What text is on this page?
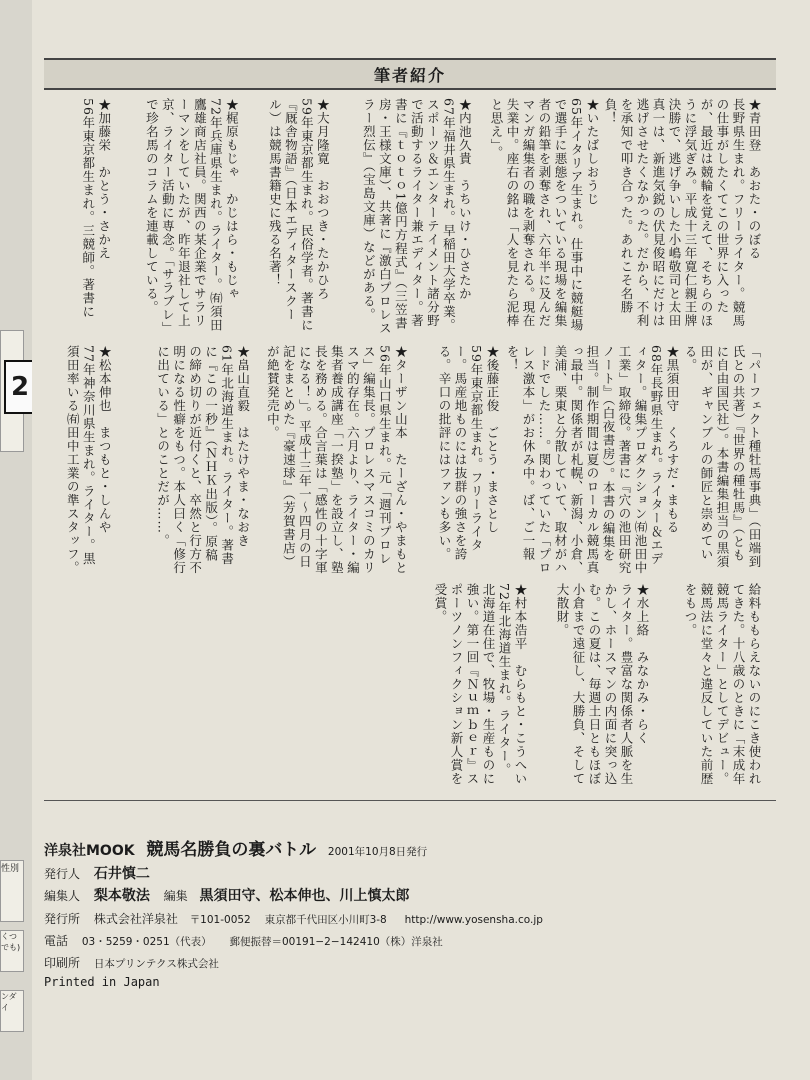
2
性別
くつでも)
ンダイ
筆者紹介
★青田登　あおた・のぼる
長野県生まれ。フリーライター。競馬の仕事がしたくてこの世界に入ったが、最近は競輪を覚えて、そちらのほうに浮気ぎみ。平成十三年寛仁親王牌決勝で、逃げ争いした小嶋敬司と太田真一は、新進気鋭の伏見俊昭にだけは逃げさせたくなかった。だから、不利を承知で叩き合った。あれこそ名勝負！
★いたばしおうじ
65年イタリア生まれ。仕事中に競艇場で選手に悪態をついている現場を編集者の鉛筆を剥奪され、六年半に及んだマンガ編集者の職を剥奪される。現在失業中。座右の銘は「人を見たら泥棒と思え」。
★内池久貴　うちいけ・ひさたか
67年福井県生まれ。早稲田大学卒業。スポーツ＆エンターテイメント諸分野で活動するライター兼エディター。著書に『ｔｏｔｏ1億円方程式』（三笠書房・王様文庫）、共著に『激白プロレスラー烈伝』（宝島文庫）などがある。
★大月隆寛　おおつき・たかひろ
59年東京都生まれ。民俗学者。著書に『厩舎物語』（日本エディタースクール）は競馬書籍史に残る名著！
★梶原もじゃ　かじはら・もじゃ
72年兵庫県生まれ。ライター。㈲須田鷹雄商店社員。関西の某企業でサラリーマンをしていたが、昨年退社して上京、ライター活動に専念。「サラブレ」で珍名馬のコラムを連載している。
★加藤栄　かとう・さかえ
56年東京都生まれ。三競師。著書に
「パーフェクト種牡馬事典」（田端到氏との共著）『世界の種牡馬』（ともに自由国民社）。本書編集担当の黒須田が、ギャンブルの師匠と崇めている。
★黒須田守　くろすだ・まもる
68年長野県生まれ。ライター＆エディター。編集プロダクション㈲池田中工業」取締役。著書に『穴の池田研究ノート』（白夜書房）。本書の編集を担当。制作期間は夏のローカル競馬真っ最中。関係者が札幌、新潟、小倉、美浦、栗東と分散していて、取材がハードでした……。関わっていた「プロレス激本」がお休み中。ば、ご一報を！
★後藤正俊　ごとう・まさとし
59年東京都生まれ。フリーライター。馬産地ものには抜群の強さを誇る。辛口の批評にはファンも多い。
★ターザン山本　たーざん・やまもと
56年山口県生まれ。元「週刊プロレス」編集長。プロレスマスコミのカリスマ的存在。六月より、ライター・編集者養成講座「一揆塾」を設立し、塾長を務める。合言葉は「感性の十字軍になる！」。平成十三年一〜四月の日記をまとめた『豪速球』（芳賀書店）が絶賛発売中。
★畠山直毅　はたけやま・なおき
61年北海道生まれ。ライター。著書に『この一秒』（ＮＨＫ出版）。原稿の締め切りが近付くと、卒然と行方不明になる性癖をもつ。本人曰く「修行に出ている」とのことだが……。
★松本伸也　まつもと・しんや
77年神奈川県生まれ。ライター。黒須田率いる㈲田中工業の準スタッフ。
給料ももらえないのにこき使われてきた。十八歳のときに「末成年競馬ライター」としてデビュー。競馬法に堂々と違反していた前歴をもつ。
★水上絡　みなかみ・らく
ライター。豊富な関係者人脈を生かし、ホースマンの内面に突っ込む。この夏は、毎週土日ともほぼ小倉まで遠征し、大勝負、そして大散財。
★村本浩平　むらもと・こうへい
72年北海道生まれ。ライター。北海道在住で、牧場・生産ものに強い。第一回『Ｎｕｍｂｅｒ』スポーツノンフィクション新人賞を受賞。
洋泉社MOOK 競馬名勝負の裏バトル 2001年10月8日発行
発行人 石井慎二
編集人 梨本敬法 編集 黒須田守、松本伸也、川上慎太郎
発行所 株式会社洋泉社 〒101-0052 東京都千代田区小川町3-8 http://www.yosensha.co.jp
電話 03・5259・0251（代表） 郵便振替＝00191−2−142410（株）洋泉社
印刷所 日本プリンテクス株式会社
Printed in Japan
